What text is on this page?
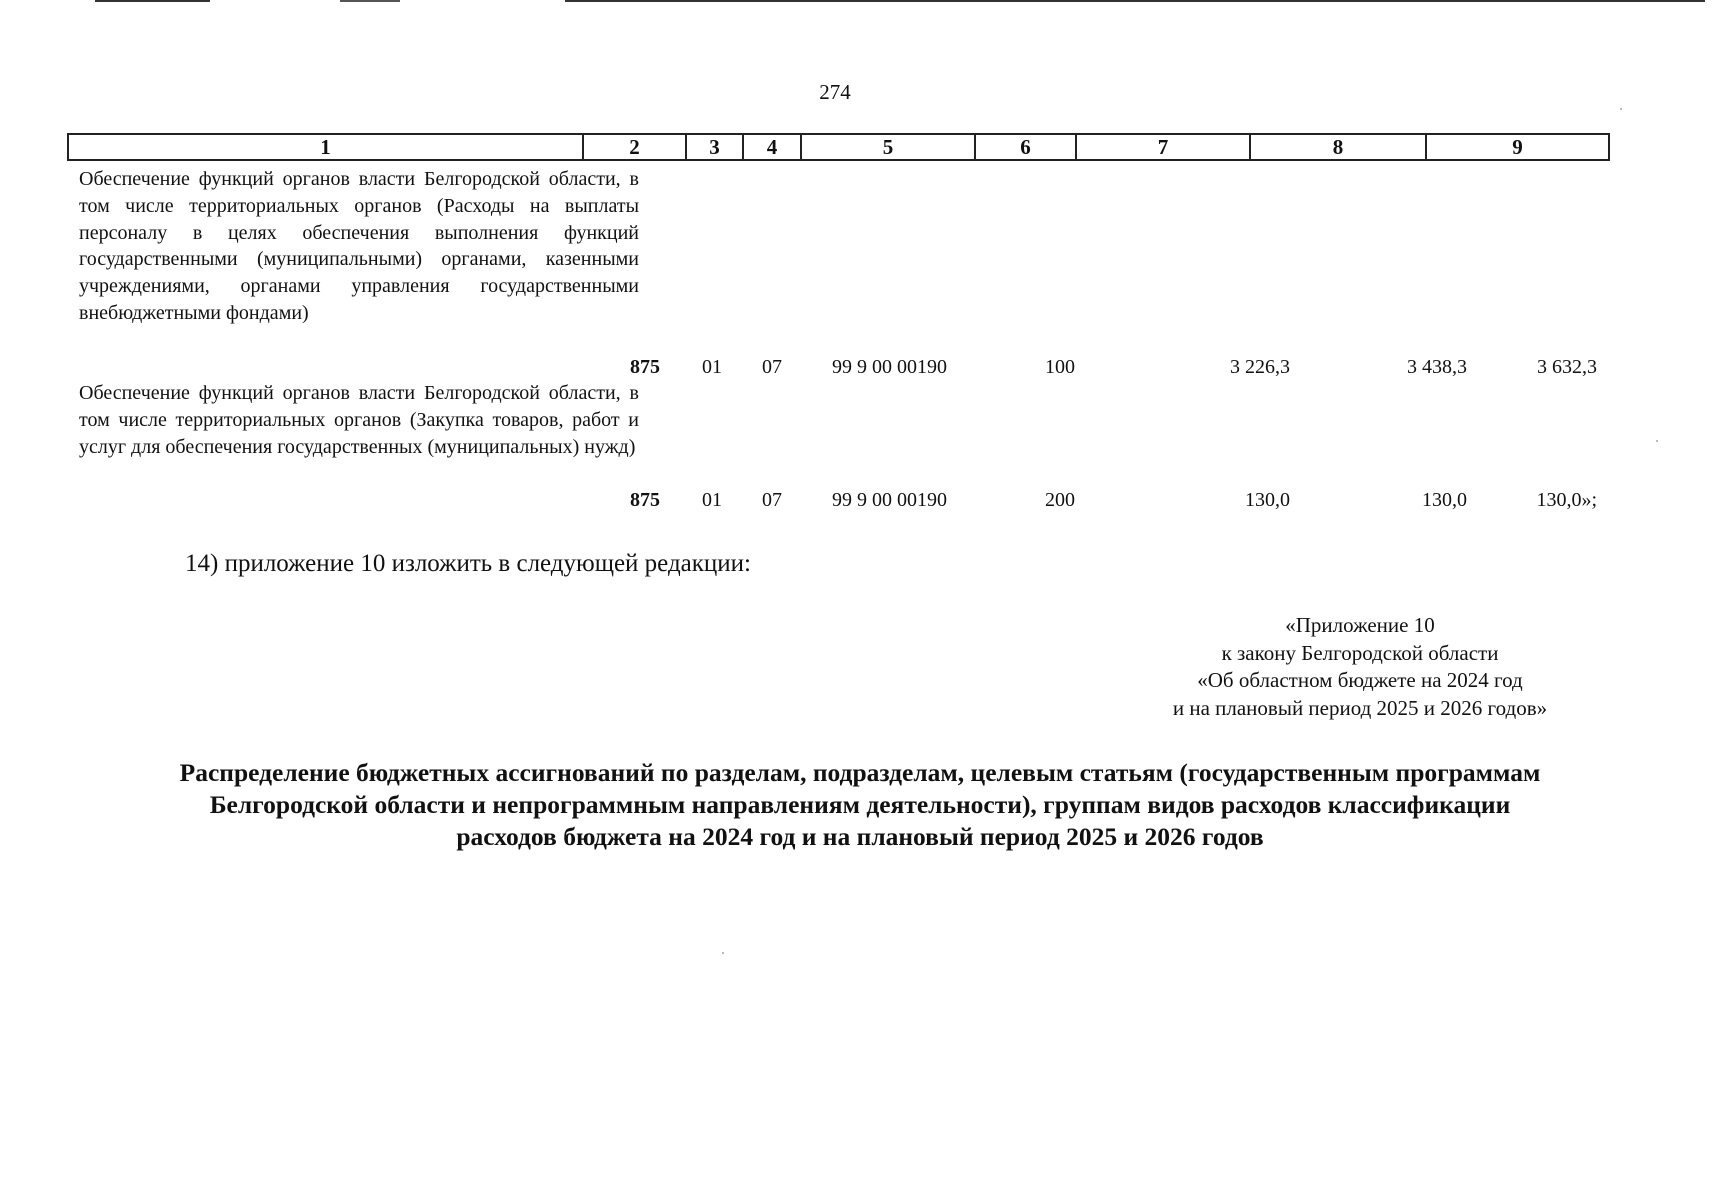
274
1	2	3	4	5	6	7	8	9
Обеспечение функций органов власти Белгородской области, в том числе территориальных органов (Расходы на выплаты персоналу в целях обеспечения выполнения функций государственными (муниципальными) органами, казенными учреждениями, органами управления государственными внебюджетными фондами)
875	01	07	99 9 00 00190	100	3 226,3	3 438,3	3 632,3
Обеспечение функций органов власти Белгородской области, в том числе территориальных органов (Закупка товаров, работ и услуг для обеспечения государственных (муниципальных) нужд)
875	01	07	99 9 00 00190	200	130,0	130,0	130,0»;
14) приложение 10 изложить в следующей редакции:
«Приложение 10
к закону Белгородской области
«Об областном бюджете на 2024 год
и на плановый период 2025 и 2026 годов»
Распределение бюджетных ассигнований по разделам, подразделам, целевым статьям (государственным программам
Белгородской области и непрограммным направлениям деятельности), группам видов расходов классификации
расходов бюджета на 2024 год и на плановый период 2025 и 2026 годов
